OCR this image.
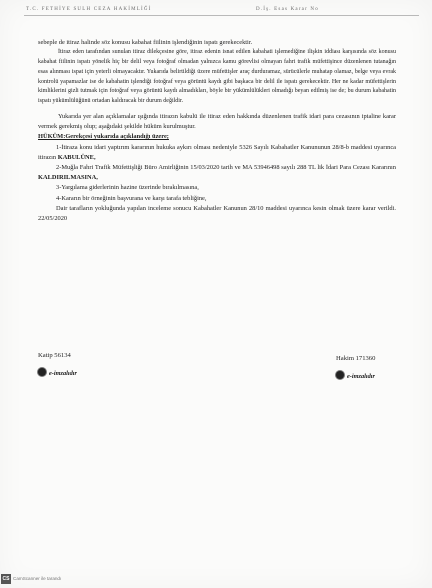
T.C. FETHİYE SULH CEZA HAKİMLİĞİ	D.İş. Esas Karar No

sebeple de itiraz halinde söz konusu kabahat fiilinin işlendiğinin ispatı gerekecektir.

İtiraz eden tarafından sunulan itiraz dilekçesine göre, itiraz edenin isnat edilen kabahati işlemediğine ilişkin iddiası karşısında söz konusu kabahat fiilinin ispatı yönelik hiç bir delil veya fotoğraf olmadan yalnızca kamu görevlisi olmayan fahri trafik müfettişince düzenlenen tutanağın esas alınması ispat için yeterli olmayacaktır. Yukarıda belirtildiği üzere müfettişler araç durduramaz, sürücülerle muhatap olamaz, belge veya evrak kontrolü yapamazlar ise de kabahatin işlendiği fotoğraf veya görüntü kaydı gibi başkaca bir delil ile ispatı gerekecektir. Her ne kadar müfettişlerin kimliklerini gizli tutmak için fotoğraf veya görüntü kaydı almadıkları, böyle bir yükümlülükleri olmadığı beyan edilmiş ise de; bu durum kabahatin ispatı yükümlülüğünü ortadan kaldıracak bir durum değildir.

Yukarıda yer alan açıklamalar ışığında itirazın kabulü ile itiraz eden hakkında düzenlenen trafik idari para cezasının iptaline karar vermek gerekmiş olup; aşağıdaki şekilde hüküm kurulmuştur.

HÜKÜM:Gerekçesi yukarıda açıklandığı üzere;

1-İtiraza konu idari yaptırım kararının hukuka aykırı olması nedeniyle 5326 Sayılı Kabahatler Kanununun 28/8-b maddesi uyarınca itirazın KABULÜNE,

2-Muğla Fahri Trafik Müfettişliği Büro Amirliğinin 15/03/2020 tarih ve MA 53946498 sayılı 288 TL lik İdari Para Cezası Kararının KALDIRILMASINA,

3-Yargılama giderlerinin hazine üzerinde bırakılmasına,

4-Kararın bir örneğinin başvurana ve karşı tarafa tebliğine,

Dair tarafların yokluğunda yapılan inceleme sonucu Kabahatler Kanunun 28/10 maddesi uyarınca kesin olmak üzere karar verildi. 22/05/2020

Katip 56134
e-imzalıdır
Hakim 171360
e-imzalıdır
CS CamScanner ile tarandı
